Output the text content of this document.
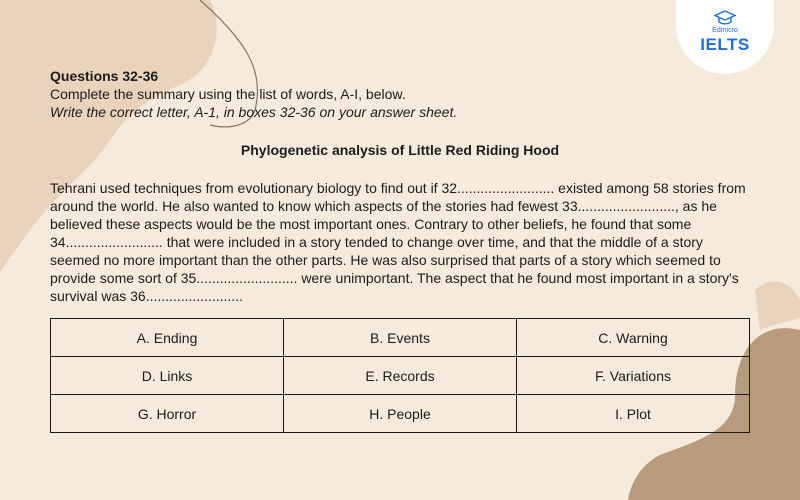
Edmicro
IELTS
Questions 32-36
Complete the summary using the list of words, A-I, below.
Write the correct letter, A-1, in boxes 32-36 on your answer sheet.
Phylogenetic analysis of Little Red Riding Hood
Tehrani used techniques from evolutionary biology to find out if 32......................... existed among 58 stories from around the world. He also wanted to know which aspects of the stories had fewest 33........................., as he believed these aspects would be the most important ones. Contrary to other beliefs, he found that some 34......................... that were included in a story tended to change over time, and that the middle of a story seemed no more important than the other parts. He was also surprised that parts of a story which seemed to provide some sort of 35.......................... were unimportant. The aspect that he found most important in a story's survival was 36.........................
A. Ending	B. Events	C. Warning
D. Links	E. Records	F. Variations
G. Horror	H. People	I. Plot
